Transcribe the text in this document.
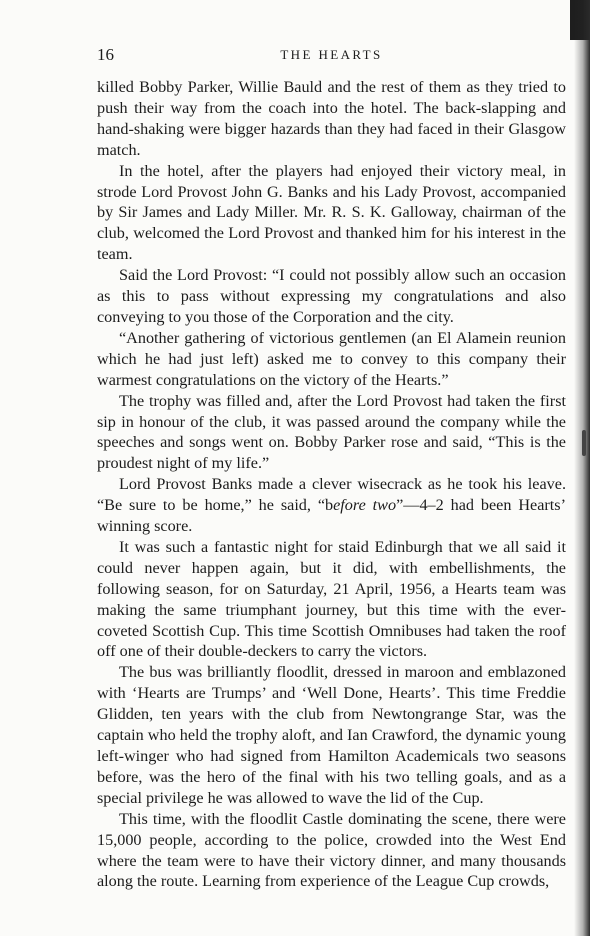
16	THE HEARTS

killed Bobby Parker, Willie Bauld and the rest of them as they tried to push their way from the coach into the hotel. The back-slapping and hand-shaking were bigger hazards than they had faced in their Glasgow match.

In the hotel, after the players had enjoyed their victory meal, in strode Lord Provost John G. Banks and his Lady Provost, accompanied by Sir James and Lady Miller. Mr. R. S. K. Galloway, chairman of the club, welcomed the Lord Provost and thanked him for his interest in the team.

Said the Lord Provost: “I could not possibly allow such an occasion as this to pass without expressing my congratulations and also conveying to you those of the Corporation and the city.

“Another gathering of victorious gentlemen (an El Alamein reunion which he had just left) asked me to convey to this company their warmest congratulations on the victory of the Hearts.”

The trophy was filled and, after the Lord Provost had taken the first sip in honour of the club, it was passed around the company while the speeches and songs went on. Bobby Parker rose and said, “This is the proudest night of my life.”

Lord Provost Banks made a clever wisecrack as he took his leave. “Be sure to be home,” he said, “before two”—4–2 had been Hearts’ winning score.

It was such a fantastic night for staid Edinburgh that we all said it could never happen again, but it did, with embellishments, the following season, for on Saturday, 21 April, 1956, a Hearts team was making the same triumphant journey, but this time with the ever-coveted Scottish Cup. This time Scottish Omnibuses had taken the roof off one of their double-deckers to carry the victors.

The bus was brilliantly floodlit, dressed in maroon and emblazoned with ‘Hearts are Trumps’ and ‘Well Done, Hearts’. This time Freddie Glidden, ten years with the club from Newtongrange Star, was the captain who held the trophy aloft, and Ian Crawford, the dynamic young left-winger who had signed from Hamilton Academicals two seasons before, was the hero of the final with his two telling goals, and as a special privilege he was allowed to wave the lid of the Cup.

This time, with the floodlit Castle dominating the scene, there were 15,000 people, according to the police, crowded into the West End where the team were to have their victory dinner, and many thousands along the route. Learning from experience of the League Cup crowds,
